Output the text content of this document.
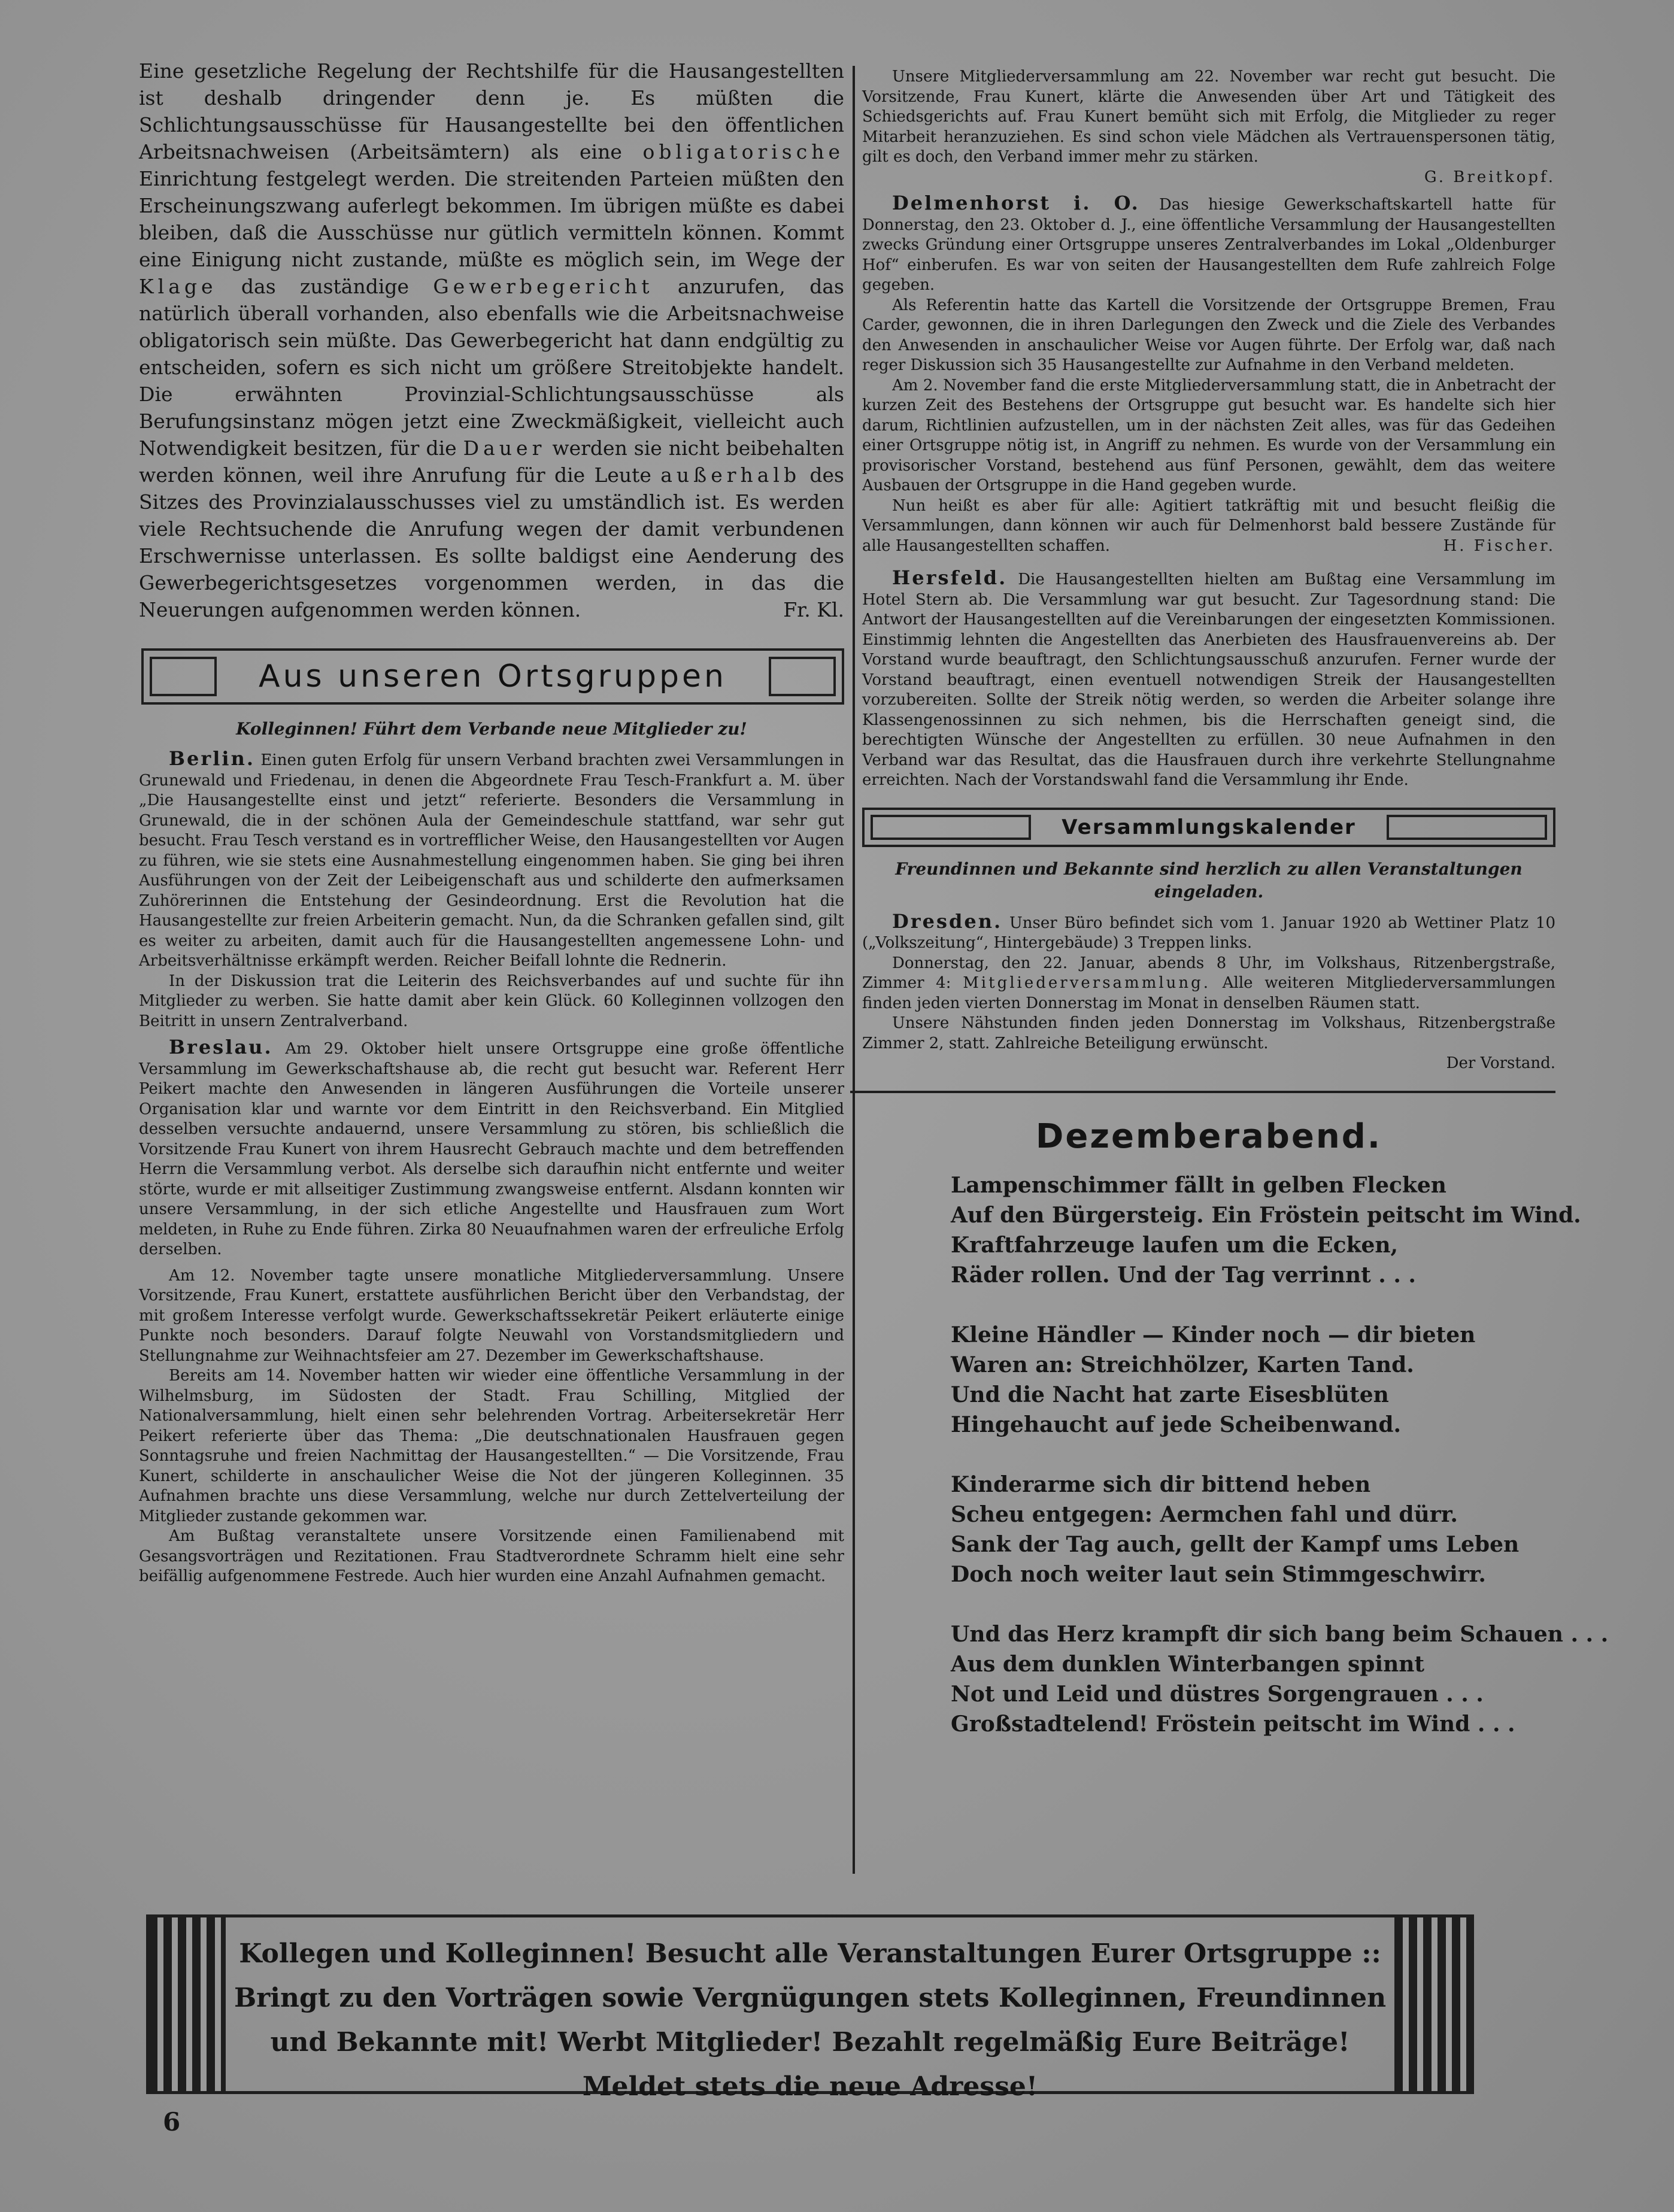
Eine gesetzliche Regelung der Rechtshilfe für die Hausangestellten ist deshalb dringender denn je. Es müßten die Schlichtungsausschüsse für Hausangestellte bei den öffentlichen Arbeitsnachweisen (Arbeitsämtern) als eine obligatorische Einrichtung festgelegt werden. Die streitenden Parteien müßten den Erscheinungszwang auferlegt bekommen. Im übrigen müßte es dabei bleiben, daß die Ausschüsse nur gütlich vermitteln können. Kommt eine Einigung nicht zustande, müßte es möglich sein, im Wege der Klage das zuständige Gewerbegericht anzurufen, das natürlich überall vorhanden, also ebenfalls wie die Arbeitsnachweise obligatorisch sein müßte. Das Gewerbegericht hat dann endgültig zu entscheiden, sofern es sich nicht um größere Streitobjekte handelt. Die erwähnten Provinzial-Schlichtungsausschüsse als Berufungsinstanz mögen jetzt eine Zweckmäßigkeit, vielleicht auch Notwendigkeit besitzen, für die Dauer werden sie nicht beibehalten werden können, weil ihre Anrufung für die Leute außerhalb des Sitzes des Provinzialausschusses viel zu umständlich ist. Es werden viele Rechtsuchende die Anrufung wegen der damit verbundenen Erschwernisse unterlassen. Es sollte baldigst eine Aenderung des Gewerbegerichtsgesetzes vorgenommen werden, in das die Neuerungen aufgenommen werden können.	Fr. Kl.

Aus unseren Ortsgruppen
Kolleginnen! Führt dem Verbande neue Mitglieder zu!

Berlin. Einen guten Erfolg für unsern Verband brachten zwei Versammlungen in Grunewald und Friedenau, in denen die Abgeordnete Frau Tesch-Frankfurt a. M. über „Die Hausangestellte einst und jetzt“ referierte. Besonders die Versammlung in Grunewald, die in der schönen Aula der Gemeindeschule stattfand, war sehr gut besucht. Frau Tesch verstand es in vortrefflicher Weise, den Hausangestellten vor Augen zu führen, wie sie stets eine Ausnahmestellung eingenommen haben. Sie ging bei ihren Ausführungen von der Zeit der Leibeigenschaft aus und schilderte den aufmerksamen Zuhörerinnen die Entstehung der Gesindeordnung. Erst die Revolution hat die Hausangestellte zur freien Arbeiterin gemacht. Nun, da die Schranken gefallen sind, gilt es weiter zu arbeiten, damit auch für die Hausangestellten angemessene Lohn- und Arbeitsverhältnisse erkämpft werden. Reicher Beifall lohnte die Rednerin.

In der Diskussion trat die Leiterin des Reichsverbandes auf und suchte für ihn Mitglieder zu werben. Sie hatte damit aber kein Glück. 60 Kolleginnen vollzogen den Beitritt in unsern Zentralverband.

Breslau. Am 29. Oktober hielt unsere Ortsgruppe eine große öffentliche Versammlung im Gewerkschaftshause ab, die recht gut besucht war. Referent Herr Peikert machte den Anwesenden in längeren Ausführungen die Vorteile unserer Organisation klar und warnte vor dem Eintritt in den Reichsverband. Ein Mitglied desselben versuchte andauernd, unsere Versammlung zu stören, bis schließlich die Vorsitzende Frau Kunert von ihrem Hausrecht Gebrauch machte und dem betreffenden Herrn die Versammlung verbot. Als derselbe sich daraufhin nicht entfernte und weiter störte, wurde er mit allseitiger Zustimmung zwangsweise entfernt. Alsdann konnten wir unsere Versammlung, in der sich etliche Angestellte und Hausfrauen zum Wort meldeten, in Ruhe zu Ende führen. Zirka 80 Neuaufnahmen waren der erfreuliche Erfolg derselben.

Am 12. November tagte unsere monatliche Mitgliederversammlung. Unsere Vorsitzende, Frau Kunert, erstattete ausführlichen Bericht über den Verbandstag, der mit großem Interesse verfolgt wurde. Gewerkschaftssekretär Peikert erläuterte einige Punkte noch besonders. Darauf folgte Neuwahl von Vorstandsmitgliedern und Stellungnahme zur Weihnachtsfeier am 27. Dezember im Gewerkschaftshause.

Bereits am 14. November hatten wir wieder eine öffentliche Versammlung in der Wilhelmsburg, im Südosten der Stadt. Frau Schilling, Mitglied der Nationalversammlung, hielt einen sehr belehrenden Vortrag. Arbeitersekretär Herr Peikert referierte über das Thema: „Die deutschnationalen Hausfrauen gegen Sonntagsruhe und freien Nachmittag der Hausangestellten.“ — Die Vorsitzende, Frau Kunert, schilderte in anschaulicher Weise die Not der jüngeren Kolleginnen. 35 Aufnahmen brachte uns diese Versammlung, welche nur durch Zettelverteilung der Mitglieder zustande gekommen war.

Am Bußtag veranstaltete unsere Vorsitzende einen Familienabend mit Gesangsvorträgen und Rezitationen. Frau Stadtverordnete Schramm hielt eine sehr beifällig aufgenommene Festrede. Auch hier wurden eine Anzahl Aufnahmen gemacht.

Unsere Mitgliederversammlung am 22. November war recht gut besucht. Die Vorsitzende, Frau Kunert, klärte die Anwesenden über Art und Tätigkeit des Schiedsgerichts auf. Frau Kunert bemüht sich mit Erfolg, die Mitglieder zu reger Mitarbeit heranzuziehen. Es sind schon viele Mädchen als Vertrauenspersonen tätig, gilt es doch, den Verband immer mehr zu stärken.

G. Breitkopf.

Delmenhorst i. O. Das hiesige Gewerkschaftskartell hatte für Donnerstag, den 23. Oktober d. J., eine öffentliche Versammlung der Hausangestellten zwecks Gründung einer Ortsgruppe unseres Zentralverbandes im Lokal „Oldenburger Hof“ einberufen. Es war von seiten der Hausangestellten dem Rufe zahlreich Folge gegeben.

Als Referentin hatte das Kartell die Vorsitzende der Ortsgruppe Bremen, Frau Carder, gewonnen, die in ihren Darlegungen den Zweck und die Ziele des Verbandes den Anwesenden in anschaulicher Weise vor Augen führte. Der Erfolg war, daß nach reger Diskussion sich 35 Hausangestellte zur Aufnahme in den Verband meldeten.

Am 2. November fand die erste Mitgliederversammlung statt, die in Anbetracht der kurzen Zeit des Bestehens der Ortsgruppe gut besucht war. Es handelte sich hier darum, Richtlinien aufzustellen, um in der nächsten Zeit alles, was für das Gedeihen einer Ortsgruppe nötig ist, in Angriff zu nehmen. Es wurde von der Versammlung ein provisorischer Vorstand, bestehend aus fünf Personen, gewählt, dem das weitere Ausbauen der Ortsgruppe in die Hand gegeben wurde.

Nun heißt es aber für alle: Agitiert tatkräftig mit und besucht fleißig die Versammlungen, dann können wir auch für Delmenhorst bald bessere Zustände für alle Hausangestellten schaffen.	H. Fischer.

Hersfeld. Die Hausangestellten hielten am Bußtag eine Versammlung im Hotel Stern ab. Die Versammlung war gut besucht. Zur Tagesordnung stand: Die Antwort der Hausangestellten auf die Vereinbarungen der eingesetzten Kommissionen. Einstimmig lehnten die Angestellten das Anerbieten des Hausfrauenvereins ab. Der Vorstand wurde beauftragt, den Schlichtungsausschuß anzurufen. Ferner wurde der Vorstand beauftragt, einen eventuell notwendigen Streik der Hausangestellten vorzubereiten. Sollte der Streik nötig werden, so werden die Arbeiter solange ihre Klassengenossinnen zu sich nehmen, bis die Herrschaften geneigt sind, die berechtigten Wünsche der Angestellten zu erfüllen. 30 neue Aufnahmen in den Verband war das Resultat, das die Hausfrauen durch ihre verkehrte Stellungnahme erreichten. Nach der Vorstandswahl fand die Versammlung ihr Ende.

Versammlungskalender
Freundinnen und Bekannte sind herzlich zu allen Veranstaltungen eingeladen.

Dresden. Unser Büro befindet sich vom 1. Januar 1920 ab Wettiner Platz 10 („Volkszeitung“, Hintergebäude) 3 Treppen links.

Donnerstag, den 22. Januar, abends 8 Uhr, im Volkshaus, Ritzenbergstraße, Zimmer 4: Mitgliederversammlung. Alle weiteren Mitgliederversammlungen finden jeden vierten Donnerstag im Monat in denselben Räumen statt.

Unsere Nähstunden finden jeden Donnerstag im Volkshaus, Ritzenbergstraße Zimmer 2, statt. Zahlreiche Beteiligung erwünscht.

Der Vorstand.
Dezemberabend.
Lampenschimmer fällt in gelben Flecken
Auf den Bürgersteig. Ein Fröstein peitscht im Wind.
Kraftfahrzeuge laufen um die Ecken,
Räder rollen. Und der Tag verrinnt . . .
Kleine Händler — Kinder noch — dir bieten
Waren an: Streichhölzer, Karten Tand.
Und die Nacht hat zarte Eisesblüten
Hingehaucht auf jede Scheibenwand.
Kinderarme sich dir bittend heben
Scheu entgegen: Aermchen fahl und dürr.
Sank der Tag auch, gellt der Kampf ums Leben
Doch noch weiter laut sein Stimmgeschwirr.
Und das Herz krampft dir sich bang beim Schauen . . .
Aus dem dunklen Winterbangen spinnt
Not und Leid und düstres Sorgengrauen . . .
Großstadtelend! Fröstein peitscht im Wind . . .
Kollegen und Kolleginnen! Besucht alle Veranstaltungen Eurer Ortsgruppe :: Bringt zu den Vorträgen sowie Vergnügungen stets Kolleginnen, Freundinnen und Bekannte mit! Werbt Mitglieder! Bezahlt regelmäßig Eure Beiträge! Meldet stets die neue Adresse!
6
